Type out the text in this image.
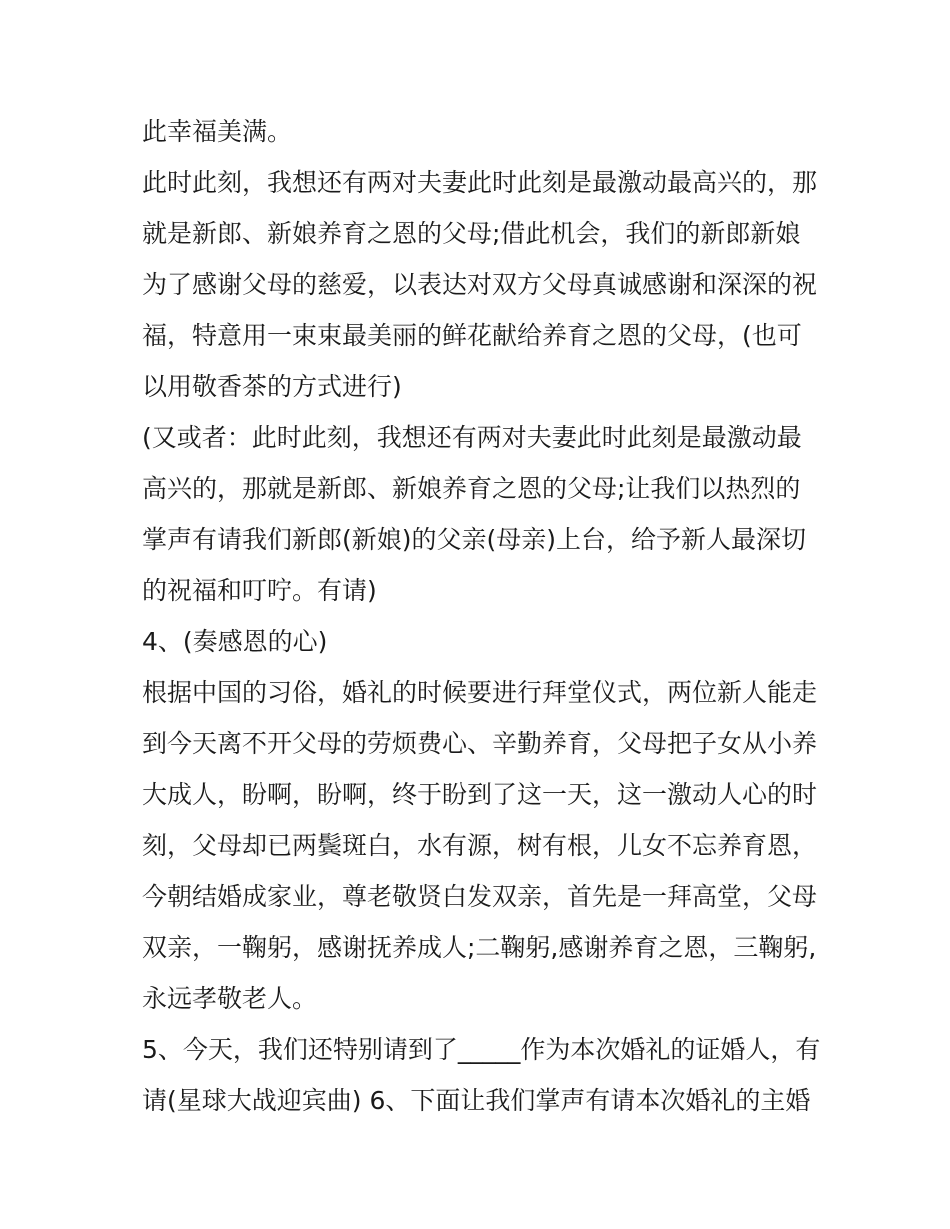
此幸福美满。
此时此刻，我想还有两对夫妻此时此刻是最激动最高兴的，那
就是新郎、新娘养育之恩的父母;借此机会，我们的新郎新娘
为了感谢父母的慈爱，以表达对双方父母真诚感谢和深深的祝
福，特意用一束束最美丽的鲜花献给养育之恩的父母，(也可
以用敬香茶的方式进行)
(又或者：此时此刻，我想还有两对夫妻此时此刻是最激动最
高兴的，那就是新郎、新娘养育之恩的父母;让我们以热烈的
掌声有请我们新郎(新娘)的父亲(母亲)上台，给予新人最深切
的祝福和叮咛。有请)
4、(奏感恩的心)
根据中国的习俗，婚礼的时候要进行拜堂仪式，两位新人能走
到今天离不开父母的劳烦费心、辛勤养育，父母把子女从小养
大成人，盼啊，盼啊，终于盼到了这一天，这一激动人心的时
刻，父母却已两鬓斑白，水有源，树有根，儿女不忘养育恩，
今朝结婚成家业，尊老敬贤白发双亲，首先是一拜高堂，父母
双亲，一鞠躬，感谢抚养成人;二鞠躬,感谢养育之恩，三鞠躬,
永远孝敬老人。
5、今天，我们还特别请到了_____作为本次婚礼的证婚人，有
请(星球大战迎宾曲) 6、下面让我们掌声有请本次婚礼的主婚
